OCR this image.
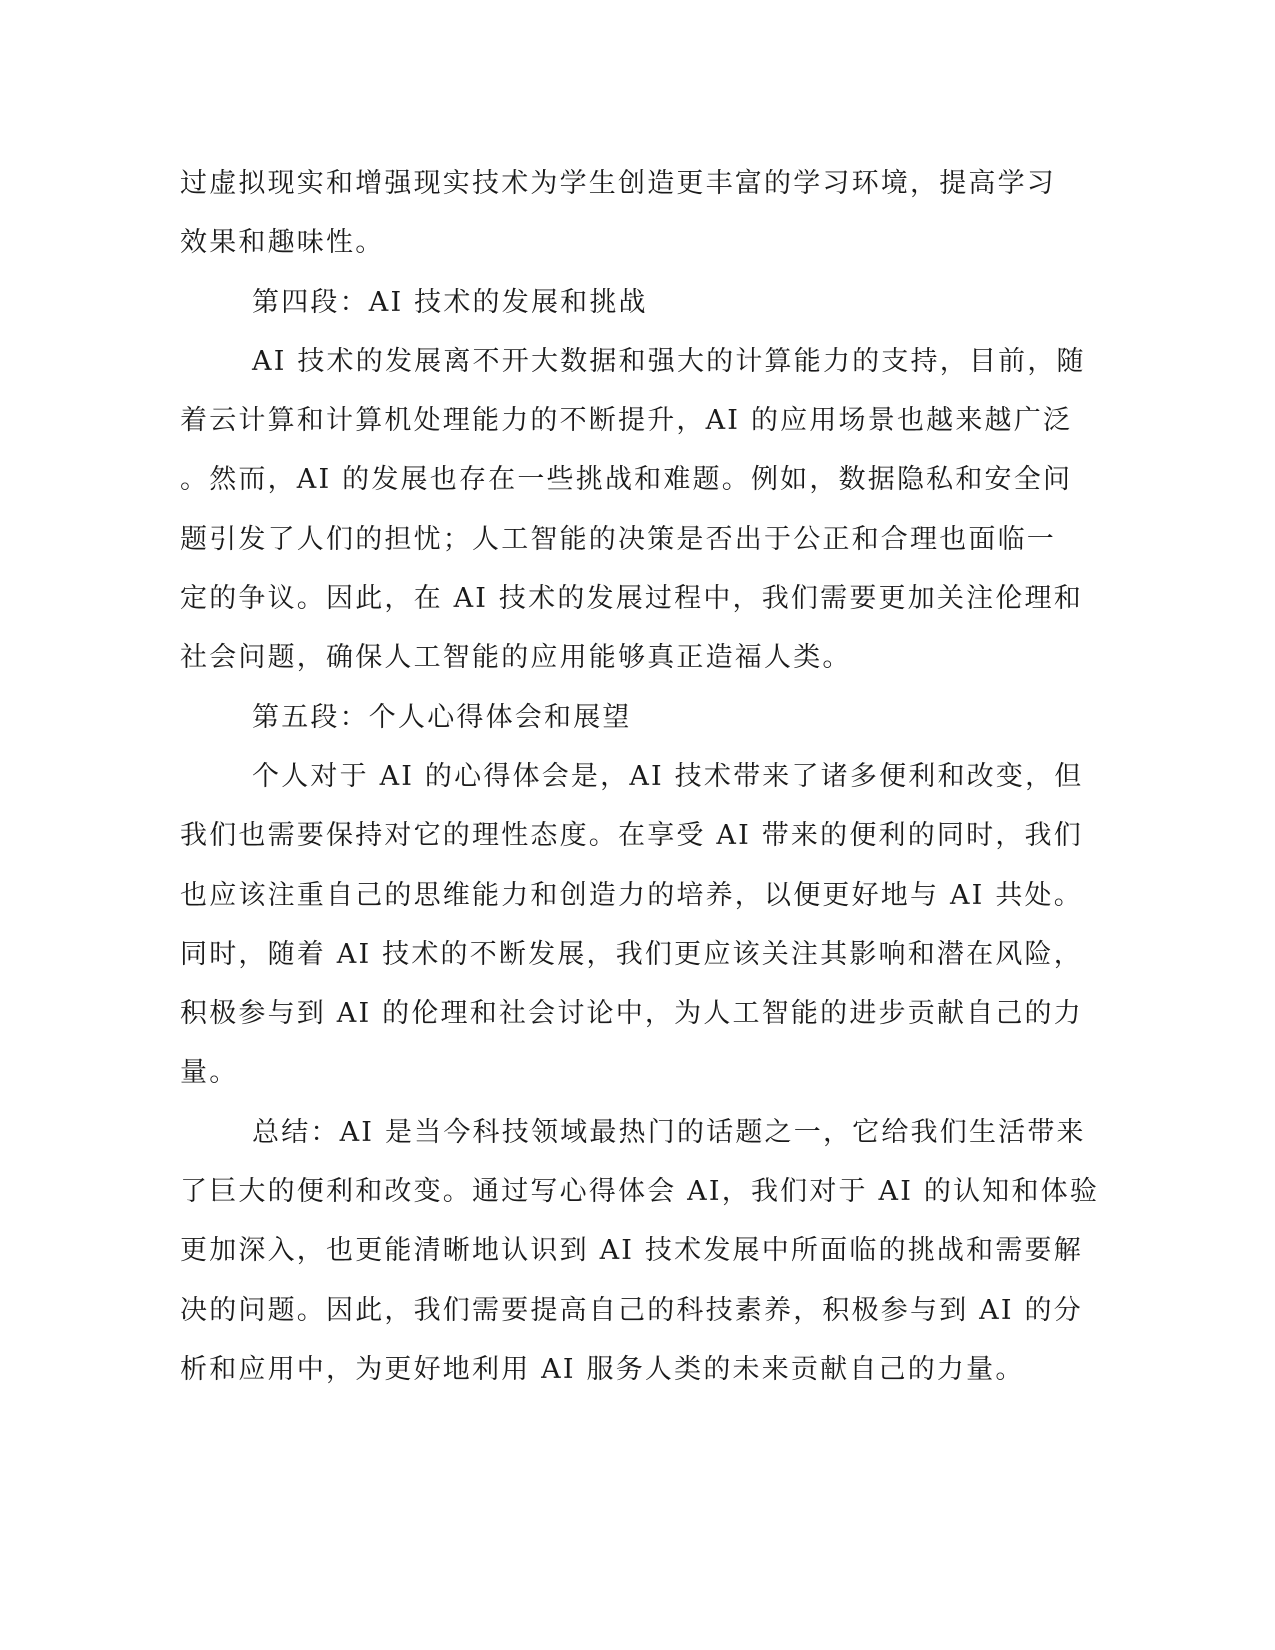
过虚拟现实和增强现实技术为学生创造更丰富的学习环境，提高学习
效果和趣味性。
第四段：AI 技术的发展和挑战
AI 技术的发展离不开大数据和强大的计算能力的支持，目前，随
着云计算和计算机处理能力的不断提升，AI 的应用场景也越来越广泛
。然而，AI 的发展也存在一些挑战和难题。例如，数据隐私和安全问
题引发了人们的担忧；人工智能的决策是否出于公正和合理也面临一
定的争议。因此，在 AI 技术的发展过程中，我们需要更加关注伦理和
社会问题，确保人工智能的应用能够真正造福人类。
第五段：个人心得体会和展望
个人对于 AI 的心得体会是，AI 技术带来了诸多便利和改变，但
我们也需要保持对它的理性态度。在享受 AI 带来的便利的同时，我们
也应该注重自己的思维能力和创造力的培养，以便更好地与 AI 共处。
同时，随着 AI 技术的不断发展，我们更应该关注其影响和潜在风险，
积极参与到 AI 的伦理和社会讨论中，为人工智能的进步贡献自己的力
量。
总结：AI 是当今科技领域最热门的话题之一，它给我们生活带来
了巨大的便利和改变。通过写心得体会 AI，我们对于 AI 的认知和体验
更加深入，也更能清晰地认识到 AI 技术发展中所面临的挑战和需要解
决的问题。因此，我们需要提高自己的科技素养，积极参与到 AI 的分
析和应用中，为更好地利用 AI 服务人类的未来贡献自己的力量。
